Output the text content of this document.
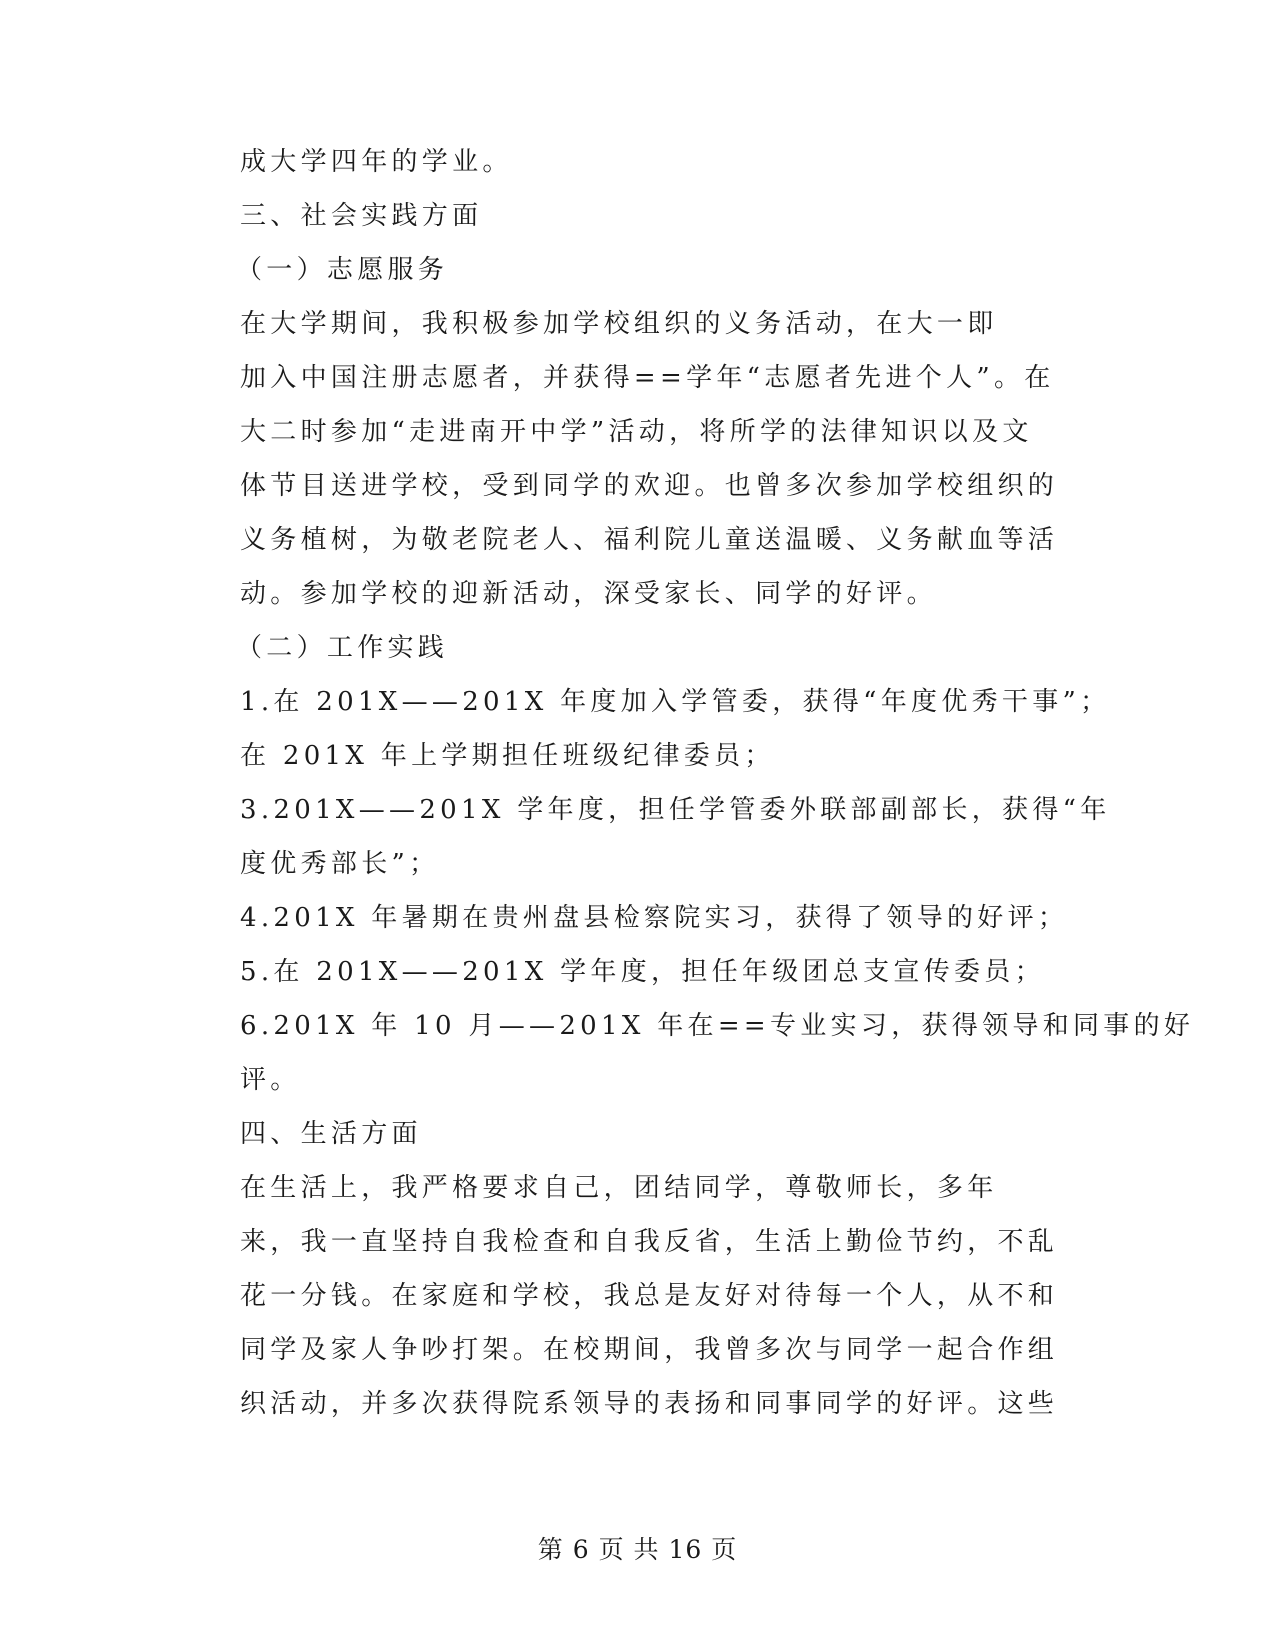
成大学四年的学业。
三、社会实践方面
（一）志愿服务
在大学期间，我积极参加学校组织的义务活动，在大一即
加入中国注册志愿者，并获得==学年“志愿者先进个人”。在
大二时参加“走进南开中学”活动，将所学的法律知识以及文
体节目送进学校，受到同学的欢迎。也曾多次参加学校组织的
义务植树，为敬老院老人、福利院儿童送温暖、义务献血等活
动。参加学校的迎新活动，深受家长、同学的好评。
（二）工作实践
1.在 201X——201X 年度加入学管委，获得“年度优秀干事”；
在 201X 年上学期担任班级纪律委员；
3.201X——201X 学年度，担任学管委外联部副部长，获得“年
度优秀部长”；
4.201X 年暑期在贵州盘县检察院实习，获得了领导的好评；
5.在 201X——201X 学年度，担任年级团总支宣传委员；
6.201X 年 10 月——201X 年在==专业实习，获得领导和同事的好
评。
四、生活方面
在生活上，我严格要求自己，团结同学，尊敬师长，多年
来，我一直坚持自我检查和自我反省，生活上勤俭节约，不乱
花一分钱。在家庭和学校，我总是友好对待每一个人，从不和
同学及家人争吵打架。在校期间，我曾多次与同学一起合作组
织活动，并多次获得院系领导的表扬和同事同学的好评。这些
第 6 页 共 16 页
